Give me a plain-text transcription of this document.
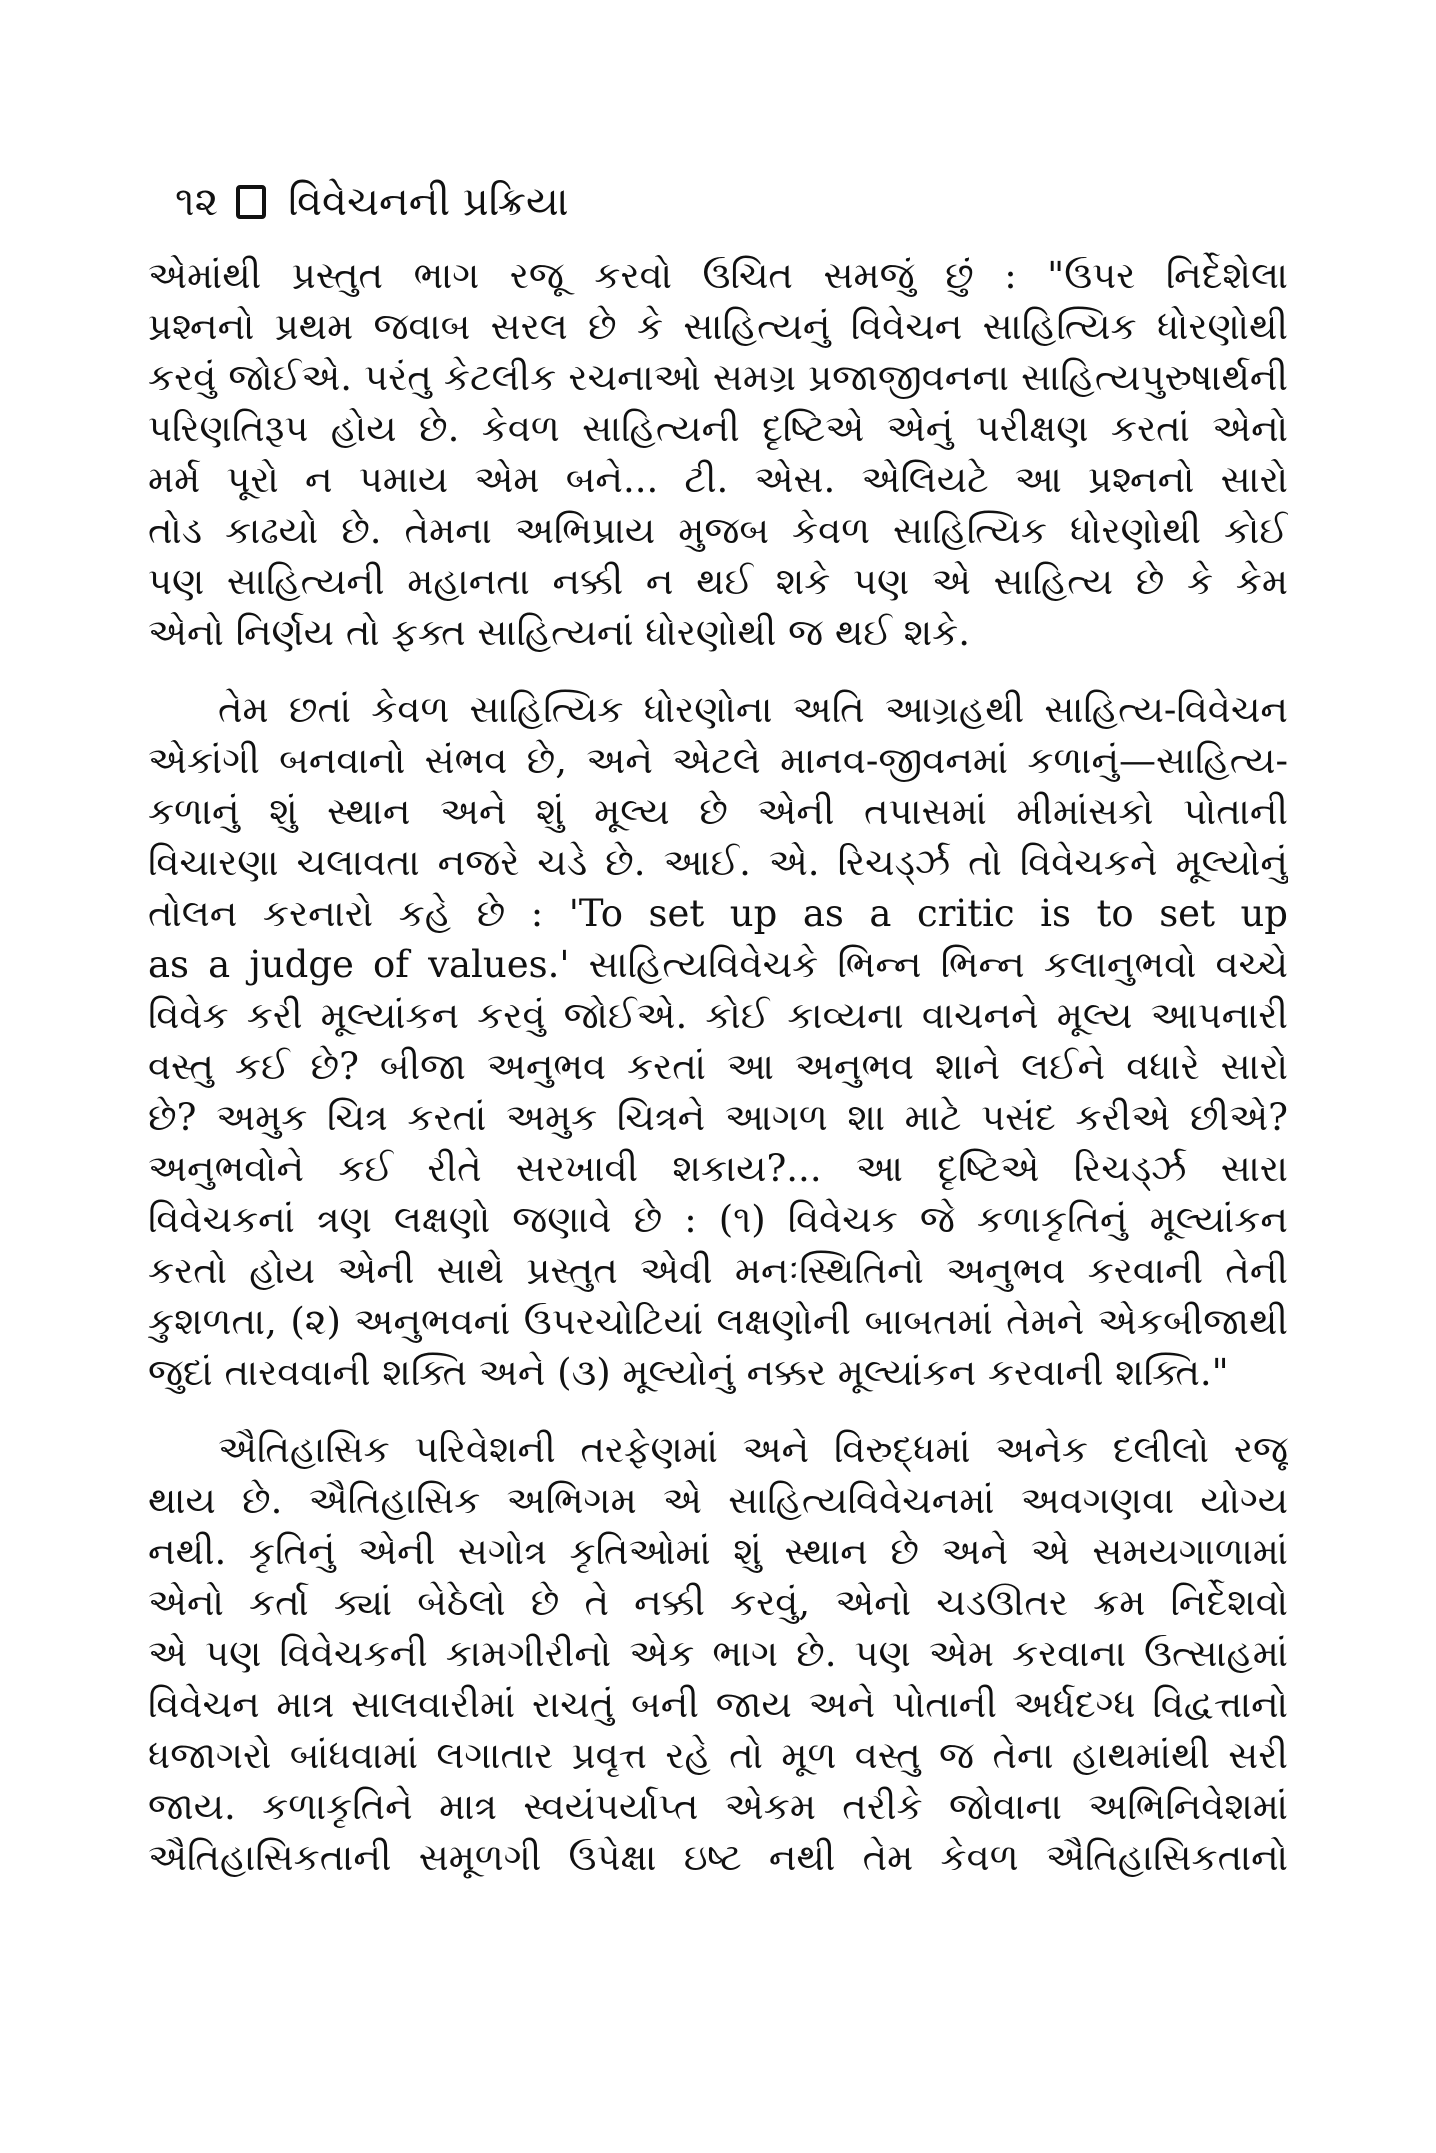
૧૨ વિવેચનની પ્રક્રિયા
એમાંથી પ્રસ્તુત ભાગ રજૂ કરવો ઉચિત સમજું છું : "ઉપર નિર્દેશેલા
પ્રશ્નનો પ્રથમ જવાબ સરલ છે કે સાહિત્યનું વિવેચન સાહિત્યિક ધોરણોથી
કરવું જોઈએ. પરંતુ કેટલીક રચનાઓ સમગ્ર પ્રજાજીવનના સાહિત્યપુરુષાર્થની
પરિણતિરૂપ હોય છે. કેવળ સાહિત્યની દૃષ્ટિએ એનું પરીક્ષણ કરતાં એનો
મર્મ પૂરો ન પમાય એમ બને... ટી. એસ. એલિયટે આ પ્રશ્નનો સારો
તોડ કાઢયો છે. તેમના અભિપ્રાય મુજબ કેવળ સાહિત્યિક ધોરણોથી કોઈ
પણ સાહિત્યની મહાનતા નક્કી ન થઈ શકે પણ એ સાહિત્ય છે કે કેમ
એનો નિર્ણય તો ફક્ત સાહિત્યનાં ધોરણોથી જ થઈ શકે.
તેમ છતાં કેવળ સાહિત્યિક ધોરણોના અતિ આગ્રહથી સાહિત્ય-વિવેચન
એકાંગી બનવાનો સંભવ છે, અને એટલે માનવ-જીવનમાં કળાનું—સાહિત્ય-
કળાનું શું સ્થાન અને શું મૂલ્ય છે એની તપાસમાં મીમાંસકો પોતાની
વિચારણા ચલાવતા નજરે ચડે છે. આઈ. એ. રિચર્ડ્ઝ તો વિવેચકને મૂલ્યોનું
તોલન કરનારો કહે છે : 'To set up as a critic is to set up
as a judge of values.' સાહિત્યવિવેચકે ભિન્ન ભિન્ન કલાનુભવો વચ્ચે
વિવેક કરી મૂલ્યાંકન કરવું જોઈએ. કોઈ કાવ્યના વાચનને મૂલ્ય આપનારી
વસ્તુ કઈ છે? બીજા અનુભવ કરતાં આ અનુભવ શાને લઈને વધારે સારો
છે? અમુક ચિત્ર કરતાં અમુક ચિત્રને આગળ શા માટે પસંદ કરીએ છીએ?
અનુભવોને કઈ રીતે સરખાવી શકાય?... આ દૃષ્ટિએ રિચર્ડ્ઝ સારા
વિવેચકનાં ત્રણ લક્ષણો જણાવે છે : (૧) વિવેચક જે કળાકૃતિનું મૂલ્યાંકન
કરતો હોય એની સાથે પ્રસ્તુત એવી મનઃસ્થિતિનો અનુભવ કરવાની તેની
કુશળતા, (૨) અનુભવનાં ઉપરચોટિયાં લક્ષણોની બાબતમાં તેમને એકબીજાથી
જુદાં તારવવાની શક્તિ અને (૩) મૂલ્યોનું નક્કર મૂલ્યાંકન કરવાની શક્તિ."
ઐતિહાસિક પરિવેશની તરફેણમાં અને વિરુદ્ધમાં અનેક દલીલો રજૂ
થાય છે. ઐતિહાસિક અભિગમ એ સાહિત્યવિવેચનમાં અવગણવા યોગ્ય
નથી. કૃતિનું એની સગોત્ર કૃતિઓમાં શું સ્થાન છે અને એ સમયગાળામાં
એનો કર્તા ક્યાં બેઠેલો છે તે નક્કી કરવું, એનો ચડઊતર ક્રમ નિર્દેશવો
એ પણ વિવેચકની કામગીરીનો એક ભાગ છે. પણ એમ કરવાના ઉત્સાહમાં
વિવેચન માત્ર સાલવારીમાં રાચતું બની જાય અને પોતાની અર્ધદગ્ધ વિદ્વત્તાનો
ધજાગરો બાંધવામાં લગાતાર પ્રવૃત્ત રહે તો મૂળ વસ્તુ જ તેના હાથમાંથી સરી
જાય. કળાકૃતિને માત્ર સ્વયંપર્યાપ્ત એકમ તરીકે જોવાના અભિનિવેશમાં
ઐતિહાસિકતાની સમૂળગી ઉપેક્ષા ઇષ્ટ નથી તેમ કેવળ ઐતિહાસિકતાનો
